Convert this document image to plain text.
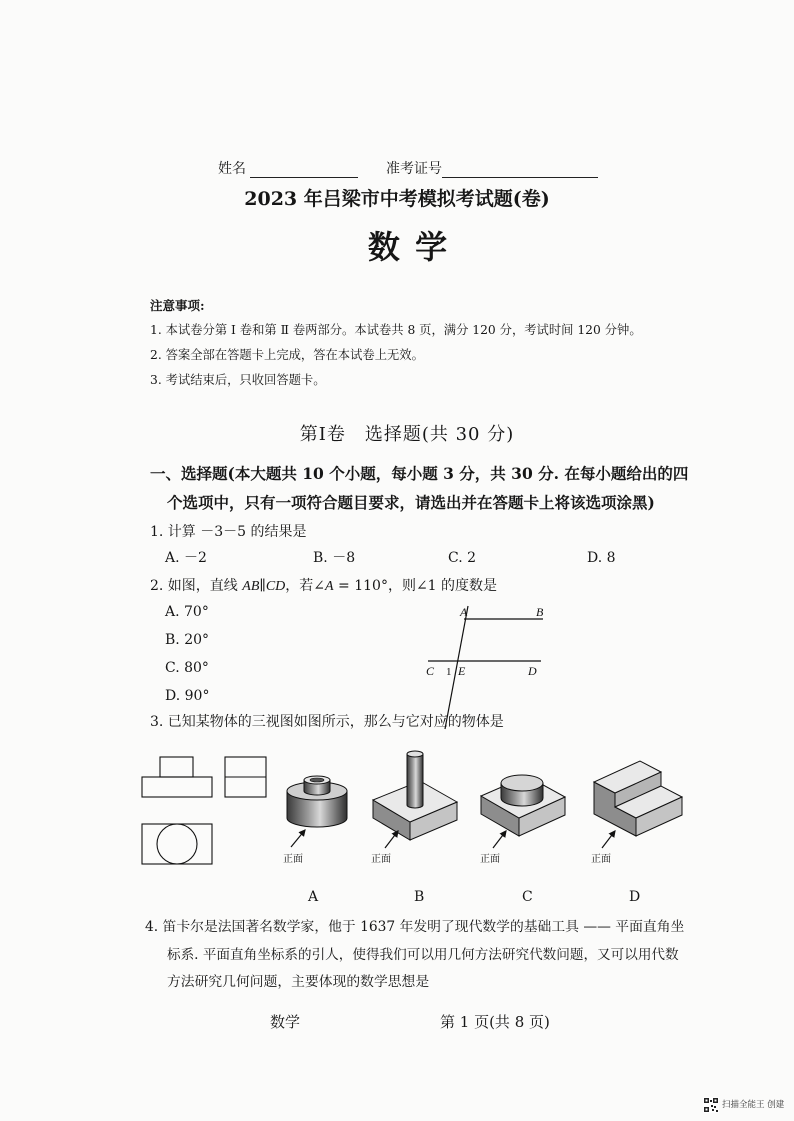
姓名	准考证号
2023 年吕梁市中考模拟考试题(卷)
数 学
注意事项:
1. 本试卷分第 Ⅰ 卷和第 Ⅱ 卷两部分。本试卷共 8 页，满分 120 分，考试时间 120 分钟。
2. 答案全部在答题卡上完成，答在本试卷上无效。
3. 考试结束后，只收回答题卡。
第Ⅰ卷　选择题(共 30 分)
一、选择题(本大题共 10 个小题，每小题 3 分，共 30 分. 在每小题给出的四
个选项中，只有一项符合题目要求，请选出并在答题卡上将该选项涂黑)
1. 计算 －3－5 的结果是
A. －2	B. －8	C. 2	D. 8
2. 如图，直线 AB∥CD，若∠A = 110°，则∠1 的度数是
A. 70°
B. 20°
C. 80°
D. 90°
A	B
C 1 E	D
3. 已知某物体的三视图如图所示，那么与它对应的物体是
正面	正面	正面	正面
A	B	C	D
4. 笛卡尔是法国著名数学家，他于 1637 年发明了现代数学的基础工具 —— 平面直角坐
标系. 平面直角坐标系的引人，使得我们可以用几何方法研究代数问题，又可以用代数
方法研究几何问题，主要体现的数学思想是
数学	第 1 页(共 8 页)
扫描全能王 创建
